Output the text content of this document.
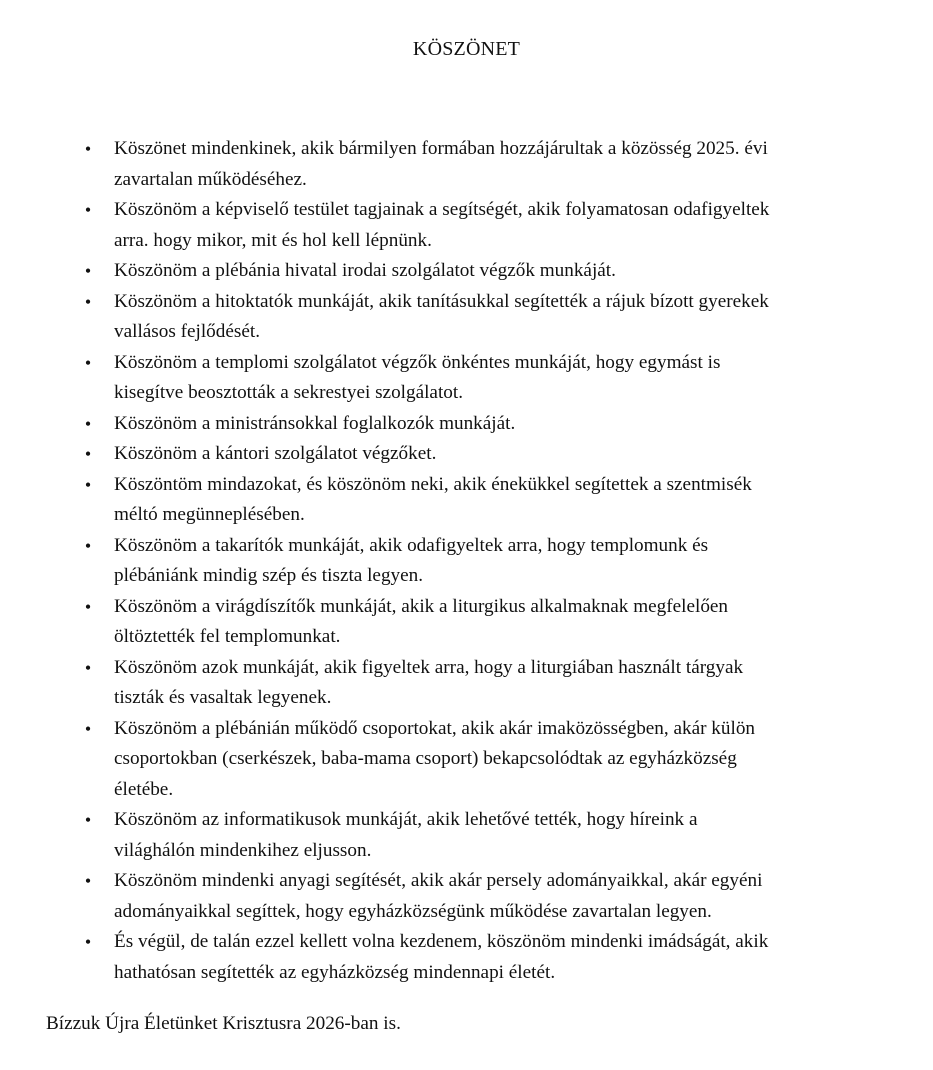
KÖSZÖNET
• Köszönet mindenkinek, akik bármilyen formában hozzájárultak a közösség 2025. évi
zavartalan működéséhez.
• Köszönöm a képviselő testület tagjainak a segítségét, akik folyamatosan odafigyeltek
arra. hogy mikor, mit és hol kell lépnünk.
• Köszönöm a plébánia hivatal irodai szolgálatot végzők munkáját.
• Köszönöm a hitoktatók munkáját, akik tanításukkal segítették a rájuk bízott gyerekek
vallásos fejlődését.
• Köszönöm a templomi szolgálatot végzők önkéntes munkáját, hogy egymást is
kisegítve beosztották a sekrestyei szolgálatot.
• Köszönöm a ministránsokkal foglalkozók munkáját.
• Köszönöm a kántori szolgálatot végzőket.
• Köszöntöm mindazokat, és köszönöm neki, akik énekükkel segítettek a szentmisék
méltó megünneplésében.
• Köszönöm a takarítók munkáját, akik odafigyeltek arra, hogy templomunk és
plébániánk mindig szép és tiszta legyen.
• Köszönöm a virágdíszítők munkáját, akik a liturgikus alkalmaknak megfelelően
öltöztették fel templomunkat.
• Köszönöm azok munkáját, akik figyeltek arra, hogy a liturgiában használt tárgyak
tiszták és vasaltak legyenek.
• Köszönöm a plébánián működő csoportokat, akik akár imaközösségben, akár külön
csoportokban (cserkészek, baba-mama csoport) bekapcsolódtak az egyházközség
életébe.
• Köszönöm az informatikusok munkáját, akik lehetővé tették, hogy híreink a
világhálón mindenkihez eljusson.
• Köszönöm mindenki anyagi segítését, akik akár persely adományaikkal, akár egyéni
adományaikkal segíttek, hogy egyházközségünk működése zavartalan legyen.
• És végül, de talán ezzel kellett volna kezdenem, köszönöm mindenki imádságát, akik
hathatósan segítették az egyházközség mindennapi életét.
Bízzuk Újra Életünket Krisztusra 2026-ban is.
